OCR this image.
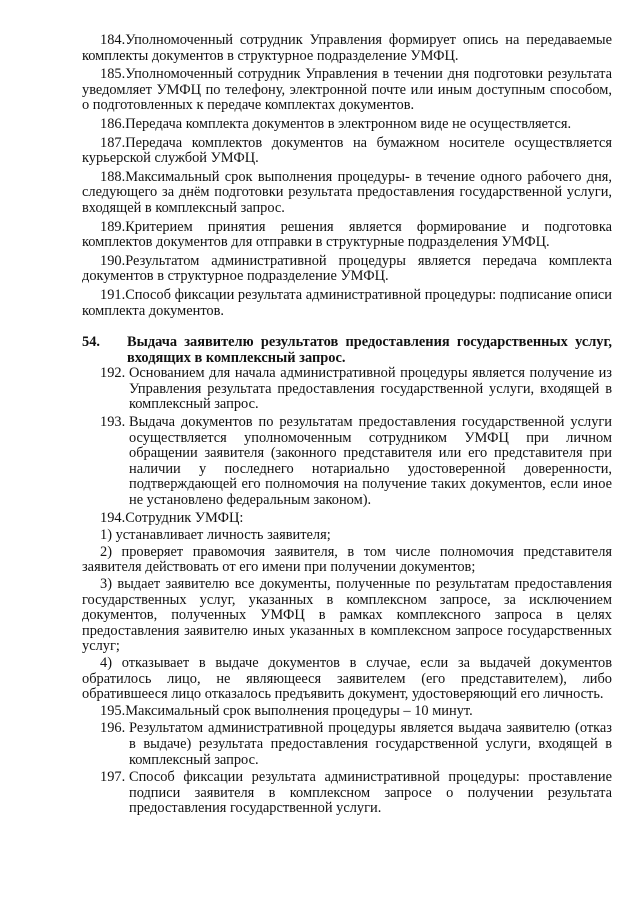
184.Уполномоченный сотрудник Управления формирует опись на передаваемые комплекты документов в структурное подразделение УМФЦ.

185.Уполномоченный сотрудник Управления в течении дня подготовки результата уведомляет УМФЦ по телефону, электронной почте или иным доступным способом, о подготовленных к передаче комплектах документов.

186.Передача комплекта документов в электронном виде не осуществляется.

187.Передача комплектов документов на бумажном носителе осуществляется курьерской службой УМФЦ.

188.Максимальный срок выполнения процедуры- в течение одного рабочего дня, следующего за днём подготовки результата предоставления государственной услуги, входящей в комплексный запрос.

189.Критерием принятия решения является формирование и подготовка комплектов документов для отправки в структурные подразделения УМФЦ.

190.Результатом административной процедуры является передача комплекта документов в структурное подразделение УМФЦ.

191.Способ фиксации результата административной процедуры: подписание описи комплекта документов.

54. Выдача заявителю результатов предоставления государственных услуг, входящих в комплексный запрос.

192. Основанием для начала административной процедуры является получение из Управления результата предоставления государственной услуги, входящей в комплексный запрос.

193. Выдача документов по результатам предоставления государственной услуги осуществляется уполномоченным сотрудником УМФЦ при личном обращении заявителя (законного представителя или его представителя при наличии у последнего нотариально удостоверенной доверенности, подтверждающей его полномочия на получение таких документов, если иное не установлено федеральным законом).

194.Сотрудник УМФЦ:

1) устанавливает личность заявителя;

2) проверяет правомочия заявителя, в том числе полномочия представителя заявителя действовать от его имени при получении документов;

3) выдает заявителю все документы, полученные по результатам предоставления государственных услуг, указанных в комплексном запросе, за исключением документов, полученных УМФЦ в рамках комплексного запроса в целях предоставления заявителю иных указанных в комплексном запросе государственных услуг;

4) отказывает в выдаче документов в случае, если за выдачей документов обратилось лицо, не являющееся заявителем (его представителем), либо обратившееся лицо отказалось предъявить документ, удостоверяющий его личность.

195.Максимальный срок выполнения процедуры – 10 минут.

196. Результатом административной процедуры является выдача заявителю (отказ в выдаче) результата предоставления государственной услуги, входящей в комплексный запрос.

197. Способ фиксации результата административной процедуры: проставление подписи заявителя в комплексном запросе о получении результата предоставления государственной услуги.
